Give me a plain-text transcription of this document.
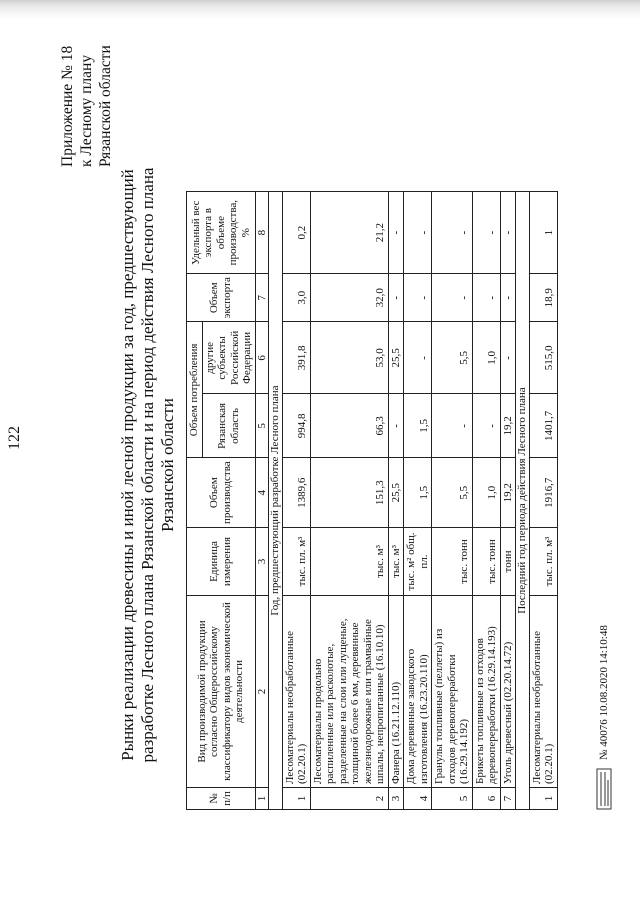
122
Приложение № 18 к Лесному плану Рязанской области
Рынки реализации древесины и иной лесной продукции за год, предшествующий разработке Лесного плана Рязанской области и на период действия Лесного плана Рязанской области
№ п/п	Вид производимой продукции согласно Общероссийскому классификатору видов экономической деятельности	Единица измерения	Объем производства	Объем потребления		Объем экспорта	Удельный вес экспорта в объеме производства, %
				Рязанская область	другие субъекты Российской Федерации		
1	2	3	4	5	6	7	8
Год, предшествующий разработке Лесного плана							
1	Лесоматериалы необработанные (02.20.1)	тыс. пл. м³	1389,6	994,8	391,8	3,0	0,2
2	Лесоматериалы продольно распиленные или расколотые, разделенные на слои или лущеные, толщиной более 6 мм, деревянные железнодорожные или трамвайные шпалы, непропитанные (16.10.10)	тыс. м³	151,3	66,3	53,0	32,0	21,2
3	Фанера (16.21.12.110)	тыс. м³	25,5	-	25,5	-	-
4	Дома деревянные заводского изготовления (16.23.20.110)	тыс. м² общ. пл.	1,5	1,5	-	-	-
5	Гранулы топливные (пеллеты) из отходов деревопереработки (16.29.14.192)	тыс. тонн	5,5	-	5,5	-	-
6	Брикеты топливные из отходов деревопереработки (16.29.14.193)	тыс. тонн	1,0	-	1,0	-	-
7	Уголь древесный (02.20.14.72)	тонн	19,2	19,2	-	-	-
Последний год периода действия Лесного плана							
1	Лесоматериалы необработанные (02.20.1)	тыс. пл. м³	1916,7	1401,7	515,0	18,9	1
№ 40076 10.08.2020 14:10:48
